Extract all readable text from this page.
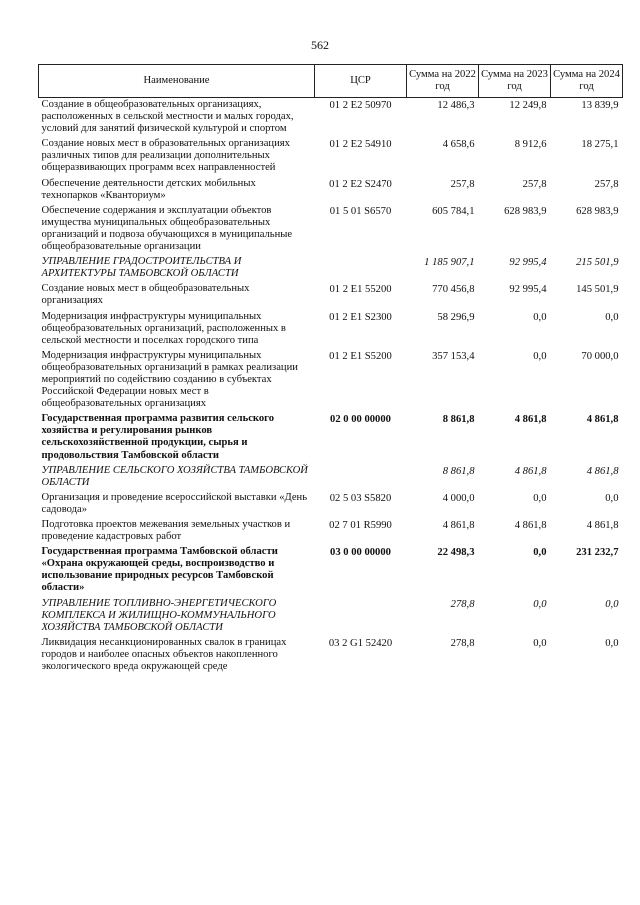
562
Наименование	ЦСР	Сумма на 2022 год	Сумма на 2023 год	Сумма на 2024 год
Создание в общеобразовательных организациях, расположенных в сельской местности и малых городах, условий для занятий физической культурой и спортом	01 2 E2 50970	12 486,3	12 249,8	13 839,9
Создание новых мест в образовательных организациях различных типов для реализации дополнительных общеразвивающих программ всех направленностей	01 2 E2 54910	4 658,6	8 912,6	18 275,1
Обеспечение деятельности детских мобильных технопарков «Кванториум»	01 2 E2 S2470	257,8	257,8	257,8
Обеспечение содержания и эксплуатации объектов имущества муниципальных общеобразовательных организаций и подвоза обучающихся в муниципальные общеобразовательные организации	01 5 01 S6570	605 784,1	628 983,9	628 983,9
УПРАВЛЕНИЕ ГРАДОСТРОИТЕЛЬСТВА И АРХИТЕКТУРЫ ТАМБОВСКОЙ ОБЛАСТИ		1 185 907,1	92 995,4	215 501,9
Создание новых мест в общеобразовательных организациях	01 2 E1 55200	770 456,8	92 995,4	145 501,9
Модернизация инфраструктуры муниципальных общеобразовательных организаций, расположенных в сельской местности и поселках городского типа	01 2 E1 S2300	58 296,9	0,0	0,0
Модернизация инфраструктуры муниципальных общеобразовательных организаций в рамках реализации мероприятий по содействию созданию в субъектах Российской Федерации новых мест в общеобразовательных организациях	01 2 E1 S5200	357 153,4	0,0	70 000,0
Государственная программа развития сельского хозяйства и регулирования рынков сельскохозяйственной продукции, сырья и продовольствия Тамбовской области	02 0 00 00000	8 861,8	4 861,8	4 861,8
УПРАВЛЕНИЕ СЕЛЬСКОГО ХОЗЯЙСТВА ТАМБОВСКОЙ ОБЛАСТИ		8 861,8	4 861,8	4 861,8
Организация и проведение всероссийской выставки «День садовода»	02 5 03 S5820	4 000,0	0,0	0,0
Подготовка проектов межевания земельных участков и проведение кадастровых работ	02 7 01 R5990	4 861,8	4 861,8	4 861,8
Государственная программа Тамбовской области «Охрана окружающей среды, воспроизводство и использование природных ресурсов Тамбовской области»	03 0 00 00000	22 498,3	0,0	231 232,7
УПРАВЛЕНИЕ ТОПЛИВНО-ЭНЕРГЕТИЧЕСКОГО КОМПЛЕКСА И ЖИЛИЩНО-КОММУНАЛЬНОГО ХОЗЯЙСТВА ТАМБОВСКОЙ ОБЛАСТИ		278,8	0,0	0,0
Ликвидация несанкционированных свалок в границах городов и наиболее опасных объектов накопленного экологического вреда окружающей среде	03 2 G1 52420	278,8	0,0	0,0
